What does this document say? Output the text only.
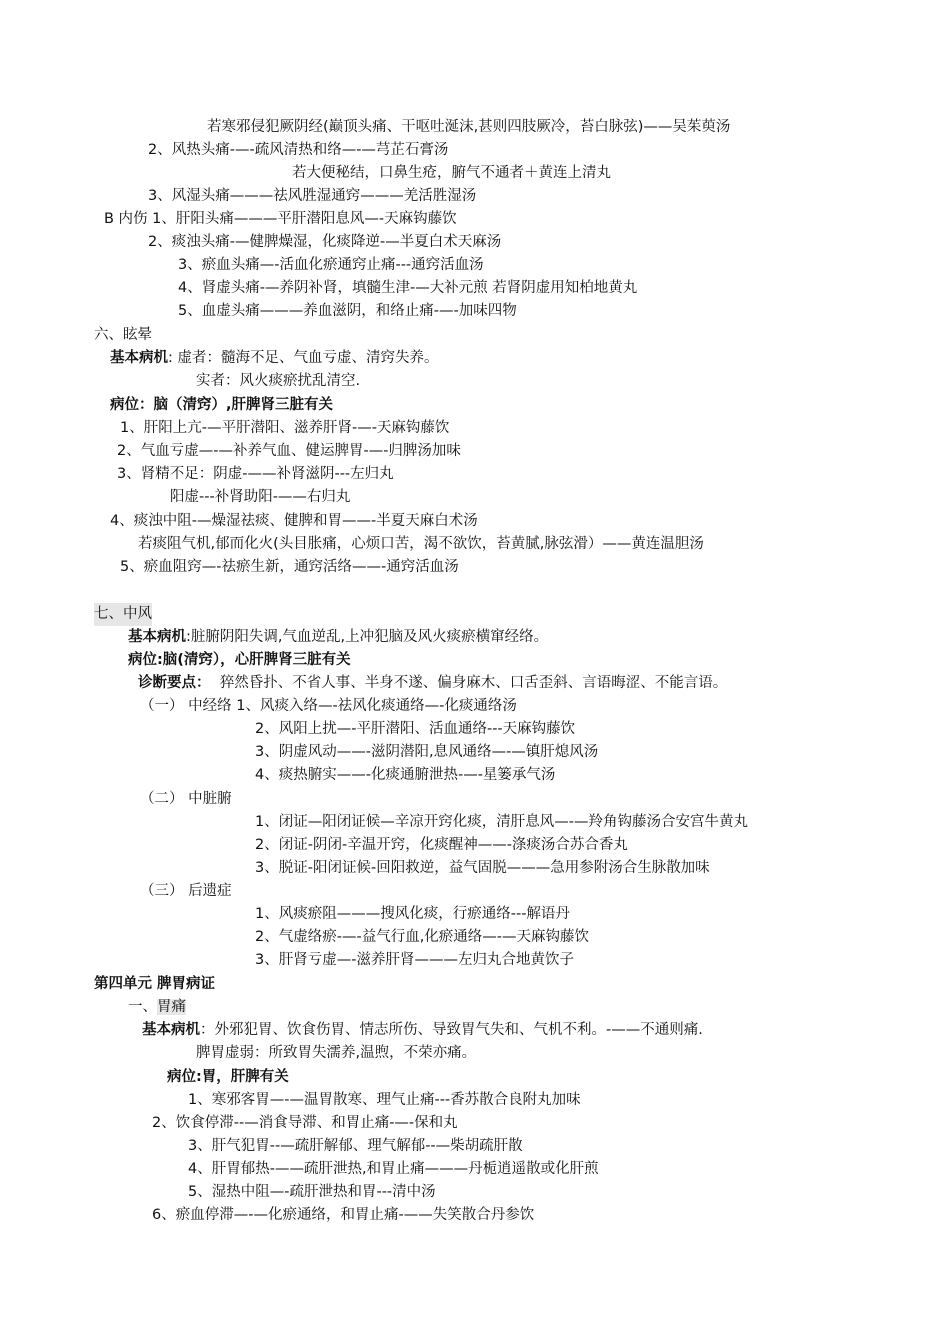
若寒邪侵犯厥阴经(巅顶头痛、干呕吐涎沫,甚则四肢厥冷，苔白脉弦)——吴茱萸汤
2、风热头痛-—-疏风清热和络—-—芎芷石膏汤
若大便秘结，口鼻生疮，腑气不通者＋黄连上清丸
3、风湿头痛———祛风胜湿通窍———羌活胜湿汤
B 内伤 1、肝阳头痛———平肝潜阳息风—-天麻钩藤饮
2、痰浊头痛-—健脾燥湿，化痰降逆-—半夏白术天麻汤
3、瘀血头痛—-活血化瘀通窍止痛---通窍活血汤
4、肾虚头痛-—养阴补肾，填髓生津-—大补元煎 若肾阴虚用知柏地黄丸
5、血虚头痛———养血滋阴，和络止痛-—-加味四物
六、眩晕
基本病机: 虚者：髓海不足、气血亏虚、清窍失养。
实者：风火痰瘀扰乱清空.
病位：脑（清窍）,肝脾肾三脏有关
1、肝阳上亢-—平肝潜阳、滋养肝肾-—-天麻钩藤饮
2、气血亏虚—-—补养气血、健运脾胃-—-归脾汤加味
3、肾精不足：阴虚-——补肾滋阴---左归丸
阳虚---补肾助阳-——右归丸
4、痰浊中阻-—燥湿祛痰、健脾和胃——-半夏天麻白术汤
若痰阻气机,郁而化火(头目胀痛，心烦口苦，渴不欲饮，苔黄腻,脉弦滑）——黄连温胆汤
5、瘀血阻窍—-祛瘀生新，通窍活络——-通窍活血汤
七、中风
基本病机:脏腑阴阳失调,气血逆乱,上冲犯脑及风火痰瘀横窜经络。
病位:脑(清窍），心肝脾肾三脏有关
诊断要点： 猝然昏扑、不省人事、半身不遂、偏身麻木、口舌歪斜、言语晦涩、不能言语。
（一） 中经络 1、风痰入络—-祛风化痰通络—-化痰通络汤
2、风阳上扰—-平肝潜阳、活血通络---天麻钩藤饮
3、阴虚风动——-滋阴潜阳,息风通络—-—镇肝熄风汤
4、痰热腑实——-化痰通腑泄热-—-星篓承气汤
（二） 中脏腑
1、闭证—阳闭证候—辛凉开窍化痰，清肝息风—-—羚角钩藤汤合安宫牛黄丸
2、闭证-阴闭-辛温开窍，化痰醒神——-涤痰汤合苏合香丸
3、脱证-阳闭证候-回阳救逆，益气固脱———急用参附汤合生脉散加味
（三） 后遗症
1、风痰瘀阻———搜风化痰，行瘀通络---解语丹
2、气虚络瘀-—-益气行血,化瘀通络—-—天麻钩藤饮
3、肝肾亏虚—-滋养肝肾———左归丸合地黄饮子
第四单元 脾胃病证
一、胃痛
基本病机：外邪犯胃、饮食伤胃、情志所伤、导致胃气失和、气机不利。-——不通则痛.
脾胃虚弱：所致胃失濡养,温煦，不荣亦痛。
病位:胃，肝脾有关
1、寒邪客胃—-—温胃散寒、理气止痛---香苏散合良附丸加味
2、饮食停滞--—消食导滞、和胃止痛-—-保和丸
3、肝气犯胃--—疏肝解郁、理气解郁--—柴胡疏肝散
4、肝胃郁热-——疏肝泄热,和胃止痛———丹栀逍遥散或化肝煎
5、湿热中阻—-疏肝泄热和胃---清中汤
6、瘀血停滞—-—化瘀通络，和胃止痛-——失笑散合丹参饮
